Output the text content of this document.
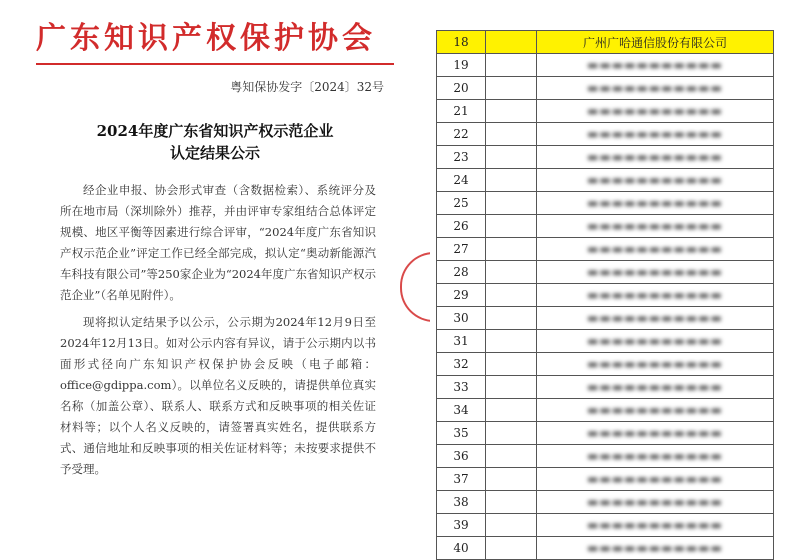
广东知识产权保护协会
粤知保协发字〔2024〕32号
2024年度广东省知识产权示范企业
认定结果公示

经企业申报、协会形式审查（含数据检索）、系统评分及所在地市局（深圳除外）推荐，并由评审专家组结合总体评定规模、地区平衡等因素进行综合评审，“2024年度广东省知识产权示范企业”评定工作已经全部完成，拟认定“奥动新能源汽车科技有限公司”等250家企业为“2024年度广东省知识产权示范企业”（名单见附件）。

现将拟认定结果予以公示，公示期为2024年12月9日至2024年12月13日。如对公示内容有异议，请于公示期内以书面形式径向广东知识产权保护协会反映（电子邮箱：office@gdippa.com）。以单位名义反映的，请提供单位真实名称（加盖公章）、联系人、联系方式和反映事项的相关佐证材料等；以个人名义反映的，请签署真实姓名，提供联系方式、通信地址和反映事项的相关佐证材料等；未按要求提供不予受理。

18		广州广哈通信股份有限公司
19		▬▬▬▬▬▬▬▬▬▬▬
20		▬▬▬▬▬▬▬▬▬▬▬
21		▬▬▬▬▬▬▬▬▬▬▬
22		▬▬▬▬▬▬▬▬▬▬▬
23		▬▬▬▬▬▬▬▬▬▬▬
24		▬▬▬▬▬▬▬▬▬▬▬
25		▬▬▬▬▬▬▬▬▬▬▬
26		▬▬▬▬▬▬▬▬▬▬▬
27		▬▬▬▬▬▬▬▬▬▬▬
28		▬▬▬▬▬▬▬▬▬▬▬
29		▬▬▬▬▬▬▬▬▬▬▬
30		▬▬▬▬▬▬▬▬▬▬▬
31		▬▬▬▬▬▬▬▬▬▬▬
32		▬▬▬▬▬▬▬▬▬▬▬
33		▬▬▬▬▬▬▬▬▬▬▬
34		▬▬▬▬▬▬▬▬▬▬▬
35		▬▬▬▬▬▬▬▬▬▬▬
36		▬▬▬▬▬▬▬▬▬▬▬
37		▬▬▬▬▬▬▬▬▬▬▬
38		▬▬▬▬▬▬▬▬▬▬▬
39		▬▬▬▬▬▬▬▬▬▬▬
40		▬▬▬▬▬▬▬▬▬▬▬
